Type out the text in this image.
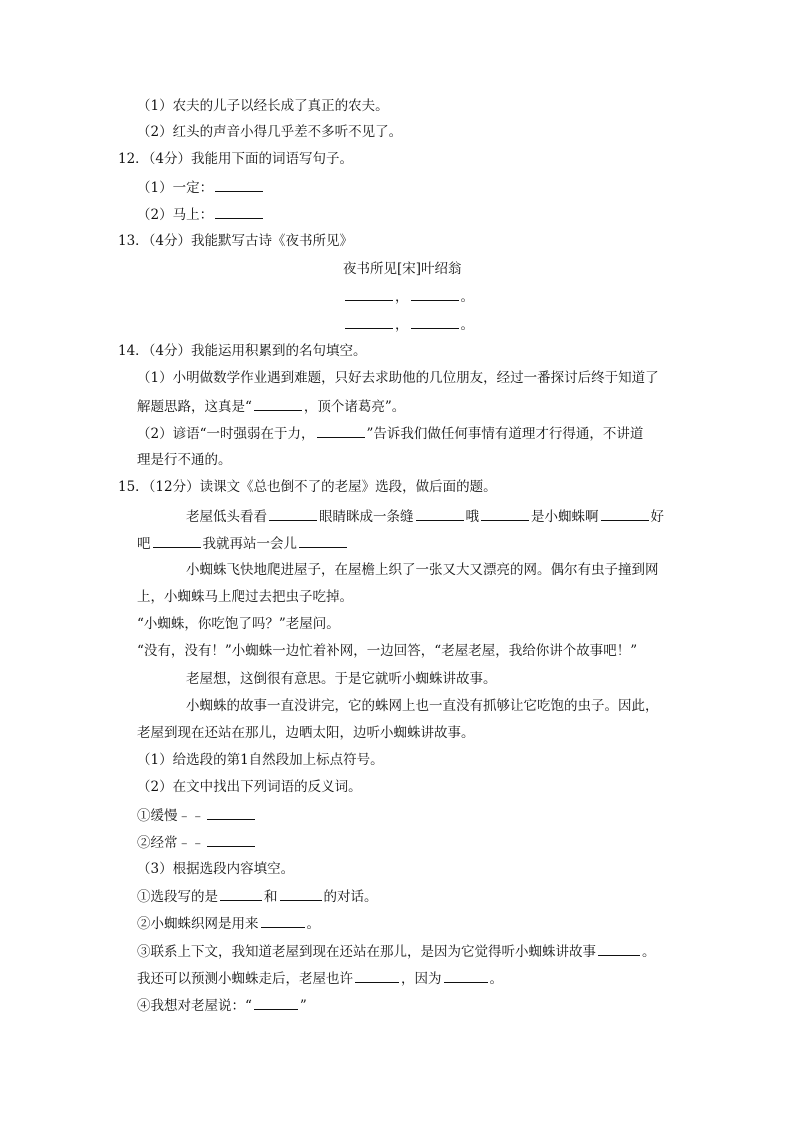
（1）农夫的儿子以经长成了真正的农夫。
（2）红头的声音小得几乎差不多听不见了。
12．（4分）我能用下面的词语写句子。
（1）一定：
（2）马上：
13．（4分）我能默写古诗《夜书所见》
夜书所见[宋]叶绍翁
，	。
，	。
14．（4分）我能运用积累到的名句填空。
（1）小明做数学作业遇到难题，只好去求助他的几位朋友，经过一番探讨后终于知道了
解题思路，这真是“	，顶个诸葛亮”。
（2）谚语“一时强弱在于力，	”告诉我们做任何事情有道理才行得通，不讲道
理是行不通的。
15．（12分）读课文《总也倒不了的老屋》选段，做后面的题。
老屋低头看看	眼睛眯成一条缝	哦	是小蜘蛛啊	好
吧	我就再站一会儿
小蜘蛛飞快地爬进屋子，在屋檐上织了一张又大又漂亮的网。偶尔有虫子撞到网
上，小蜘蛛马上爬过去把虫子吃掉。
“小蜘蛛，你吃饱了吗？”老屋问。
“没有，没有！”小蜘蛛一边忙着补网，一边回答，“老屋老屋，我给你讲个故事吧！”
老屋想，这倒很有意思。于是它就听小蜘蛛讲故事。
小蜘蛛的故事一直没讲完，它的蛛网上也一直没有抓够让它吃饱的虫子。因此，
老屋到现在还站在那儿，边晒太阳，边听小蜘蛛讲故事。
（1）给选段的第1自然段加上标点符号。
（2）在文中找出下列词语的反义词。
①缓慢﹣﹣
②经常﹣﹣
（3）根据选段内容填空。
①选段写的是	和	的对话。
②小蜘蛛织网是用来	。
③联系上下文，我知道老屋到现在还站在那儿，是因为它觉得听小蜘蛛讲故事	。
我还可以预测小蜘蛛走后，老屋也许	，因为	。
④我想对老屋说：“	”
